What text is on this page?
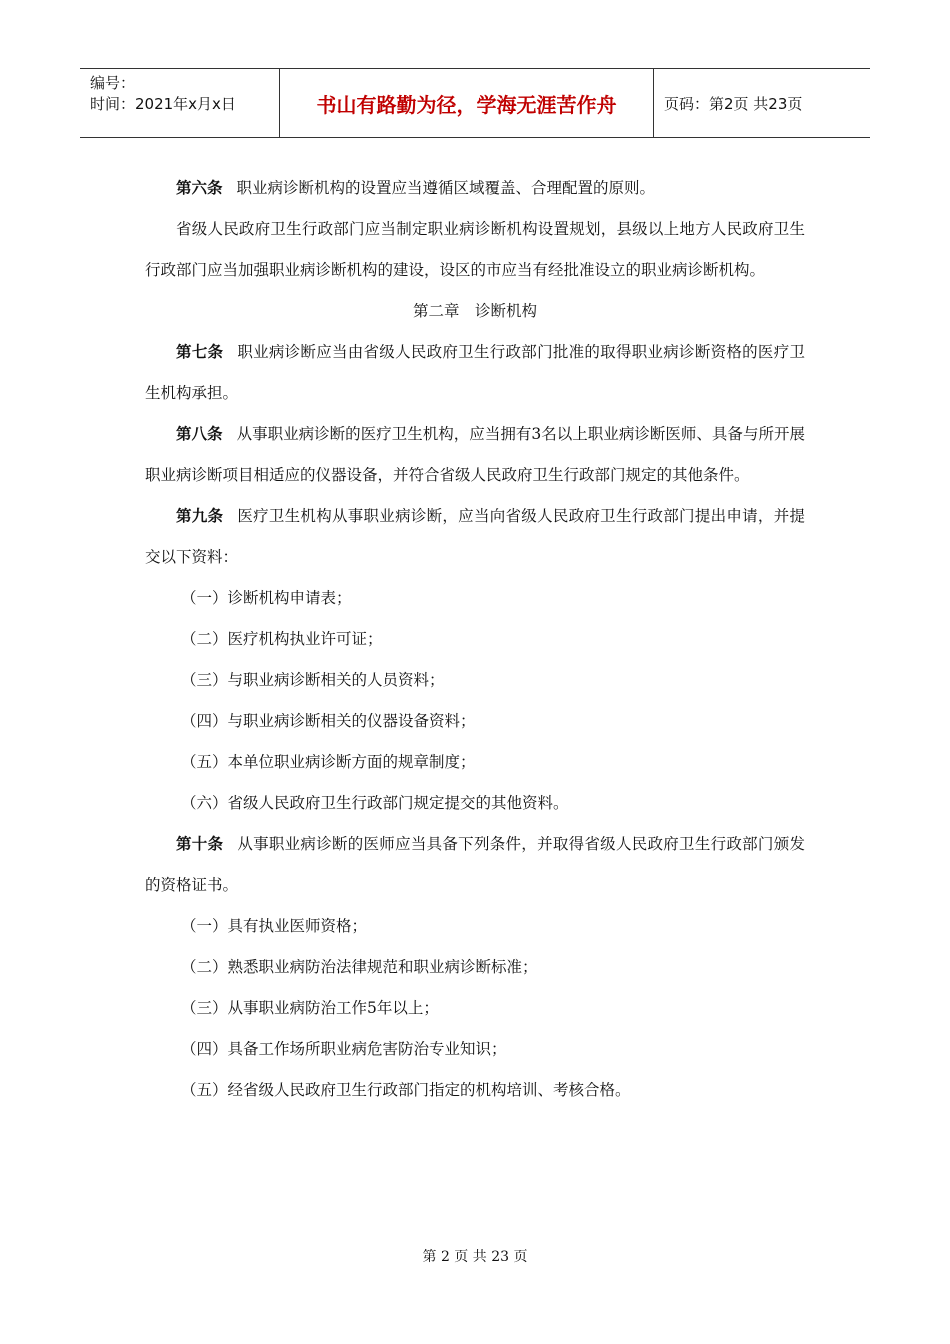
编号：
时间：2021年x月x日	书山有路勤为径，学海无涯苦作舟	页码：第2页 共23页
第六条 职业病诊断机构的设置应当遵循区域覆盖、合理配置的原则。
省级人民政府卫生行政部门应当制定职业病诊断机构设置规划，县级以上地方人民政府卫生行政部门应当加强职业病诊断机构的建设，设区的市应当有经批准设立的职业病诊断机构。
第二章　诊断机构
第七条 职业病诊断应当由省级人民政府卫生行政部门批准的取得职业病诊断资格的医疗卫生机构承担。
第八条 从事职业病诊断的医疗卫生机构，应当拥有3名以上职业病诊断医师、具备与所开展职业病诊断项目相适应的仪器设备，并符合省级人民政府卫生行政部门规定的其他条件。
第九条 医疗卫生机构从事职业病诊断，应当向省级人民政府卫生行政部门提出申请，并提交以下资料：
（一）诊断机构申请表；
（二）医疗机构执业许可证；
（三）与职业病诊断相关的人员资料；
（四）与职业病诊断相关的仪器设备资料；
（五）本单位职业病诊断方面的规章制度；
（六）省级人民政府卫生行政部门规定提交的其他资料。
第十条 从事职业病诊断的医师应当具备下列条件，并取得省级人民政府卫生行政部门颁发的资格证书。
（一）具有执业医师资格；
（二）熟悉职业病防治法律规范和职业病诊断标准；
（三）从事职业病防治工作5年以上；
（四）具备工作场所职业病危害防治专业知识；
（五）经省级人民政府卫生行政部门指定的机构培训、考核合格。
第 2 页 共 23 页
